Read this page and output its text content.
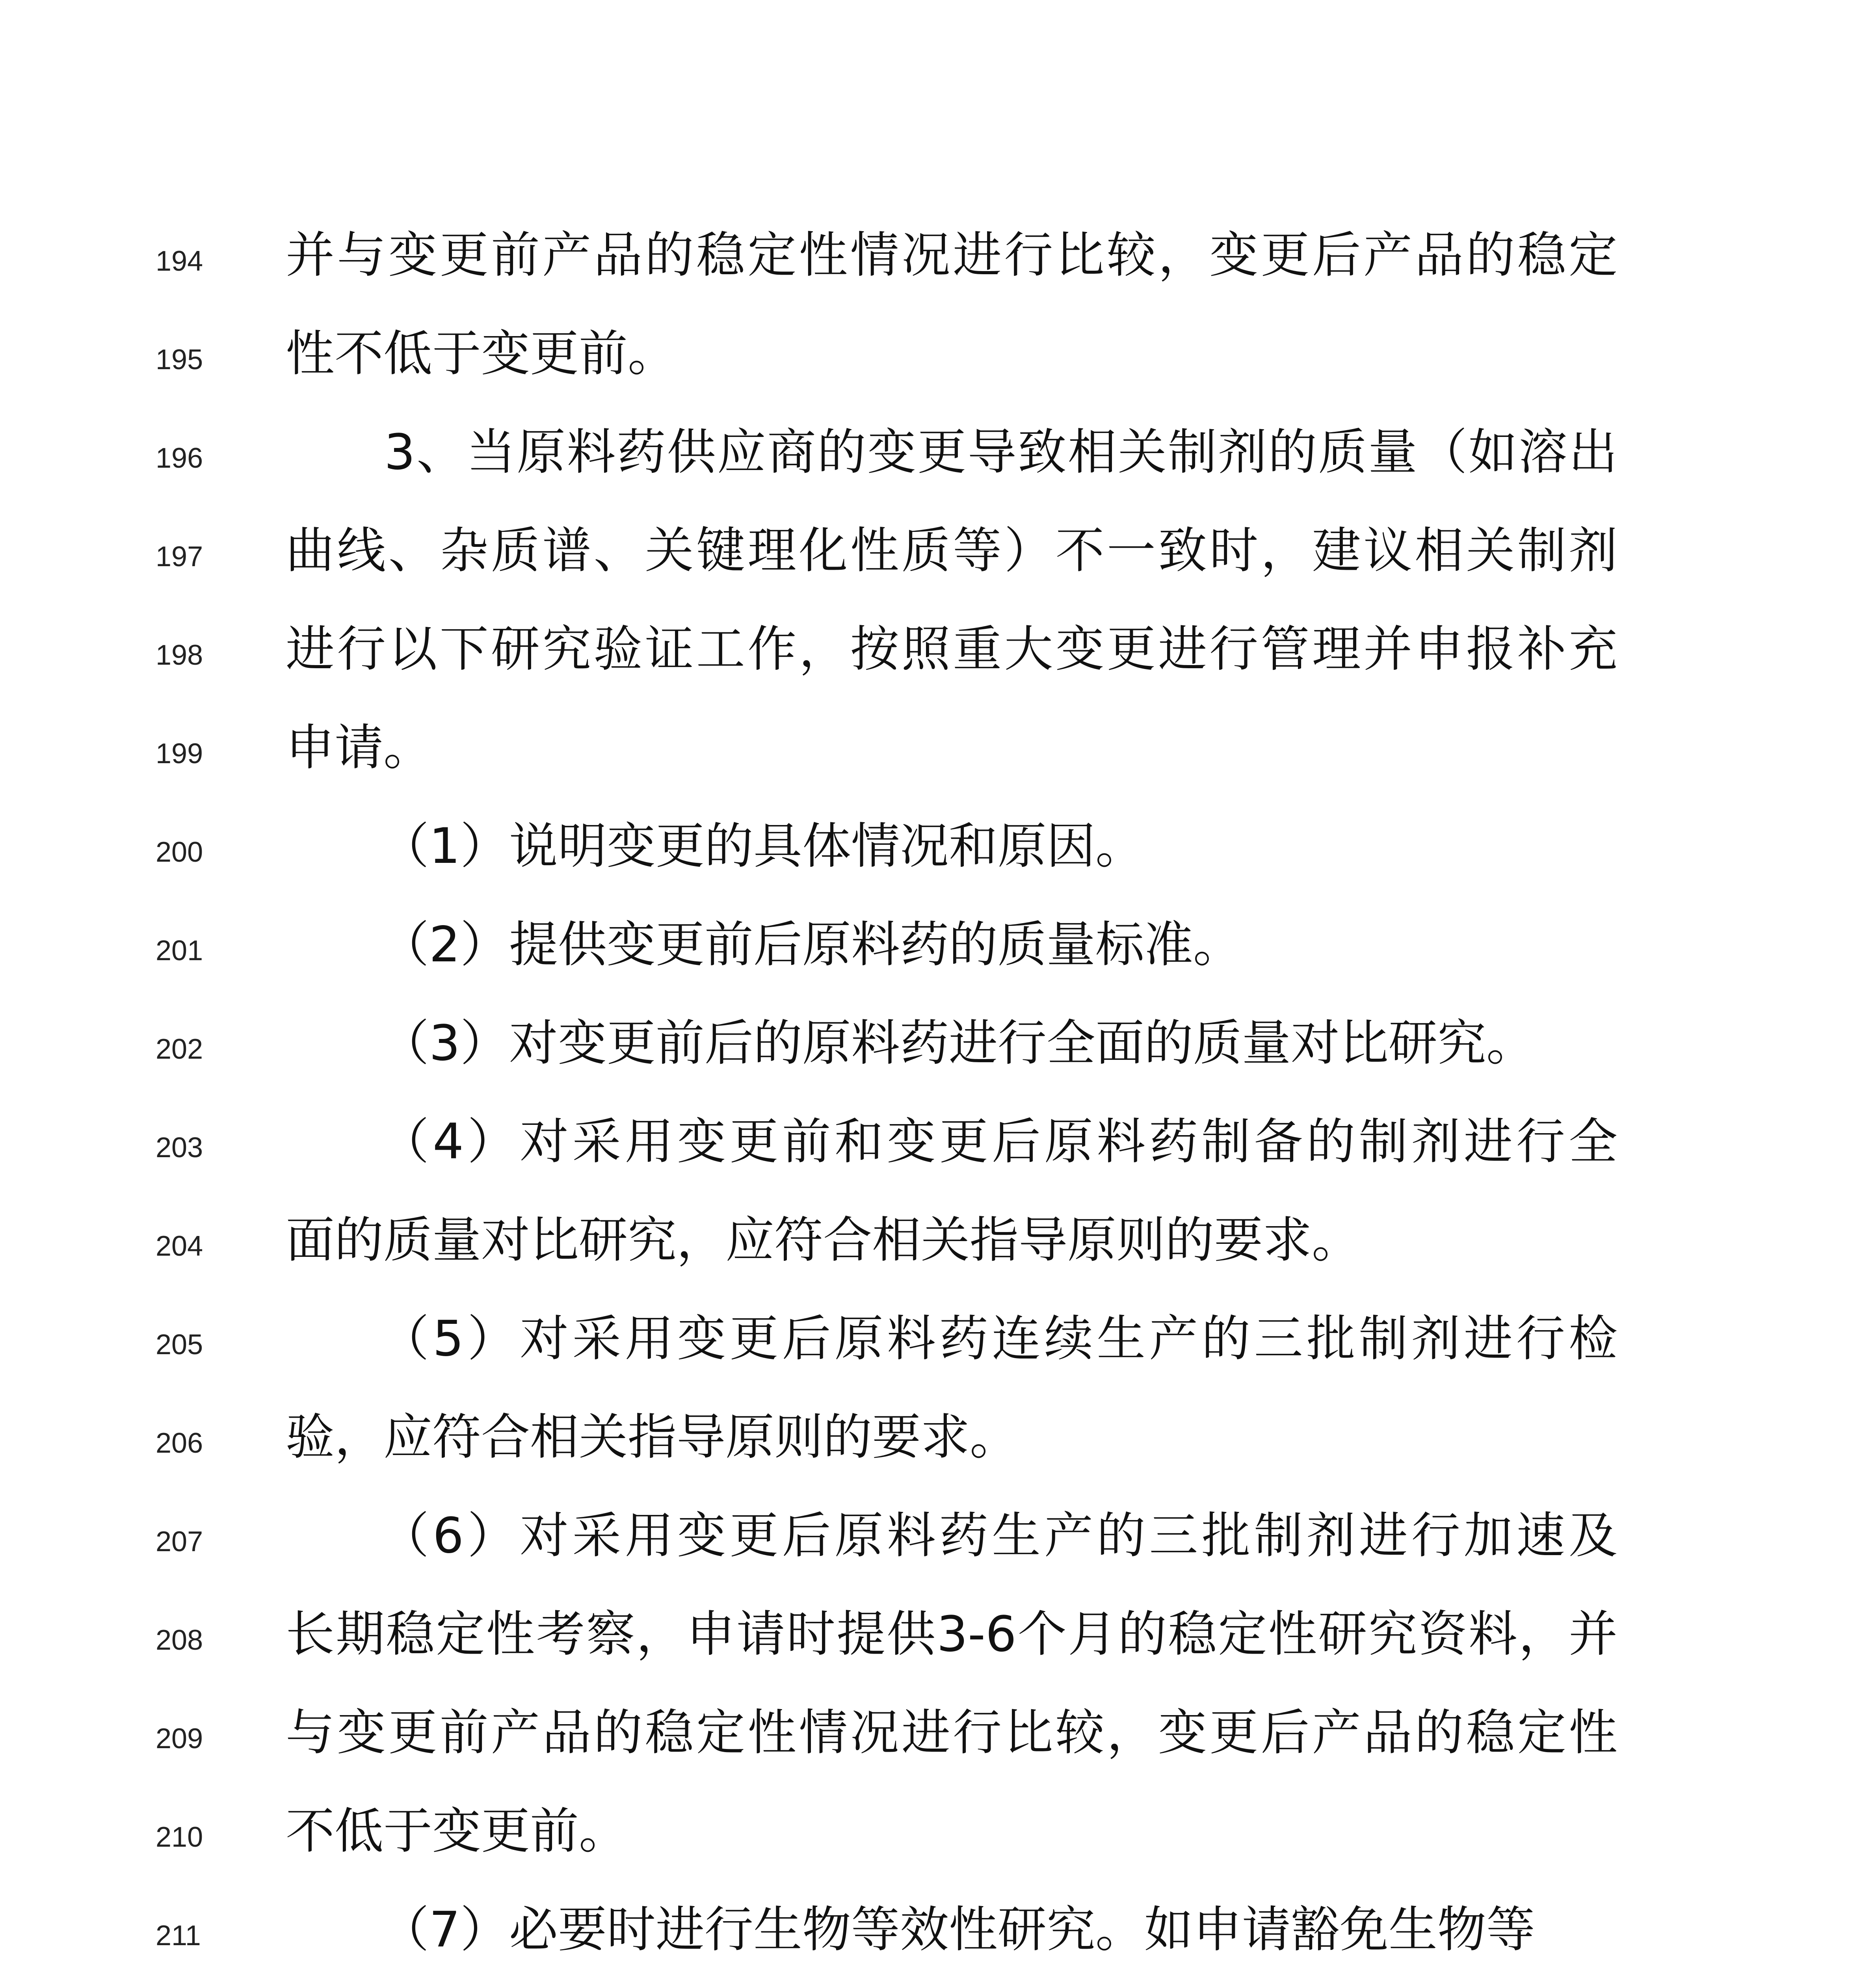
194	并与变更前产品的稳定性情况进行比较，变更后产品的稳定
195	性不低于变更前。
196	3、当原料药供应商的变更导致相关制剂的质量（如溶出
197	曲线、杂质谱、关键理化性质等）不一致时，建议相关制剂
198	进行以下研究验证工作，按照重大变更进行管理并申报补充
199	申请。
200	（1）说明变更的具体情况和原因。
201	（2）提供变更前后原料药的质量标准。
202	（3）对变更前后的原料药进行全面的质量对比研究。
203	（4）对采用变更前和变更后原料药制备的制剂进行全
204	面的质量对比研究，应符合相关指导原则的要求。
205	（5）对采用变更后原料药连续生产的三批制剂进行检
206	验，应符合相关指导原则的要求。
207	（6）对采用变更后原料药生产的三批制剂进行加速及
208	长期稳定性考察，申请时提供3-6个月的稳定性研究资料，并
209	与变更前产品的稳定性情况进行比较，变更后产品的稳定性
210	不低于变更前。
211	（7）必要时进行生物等效性研究。如申请豁免生物等
